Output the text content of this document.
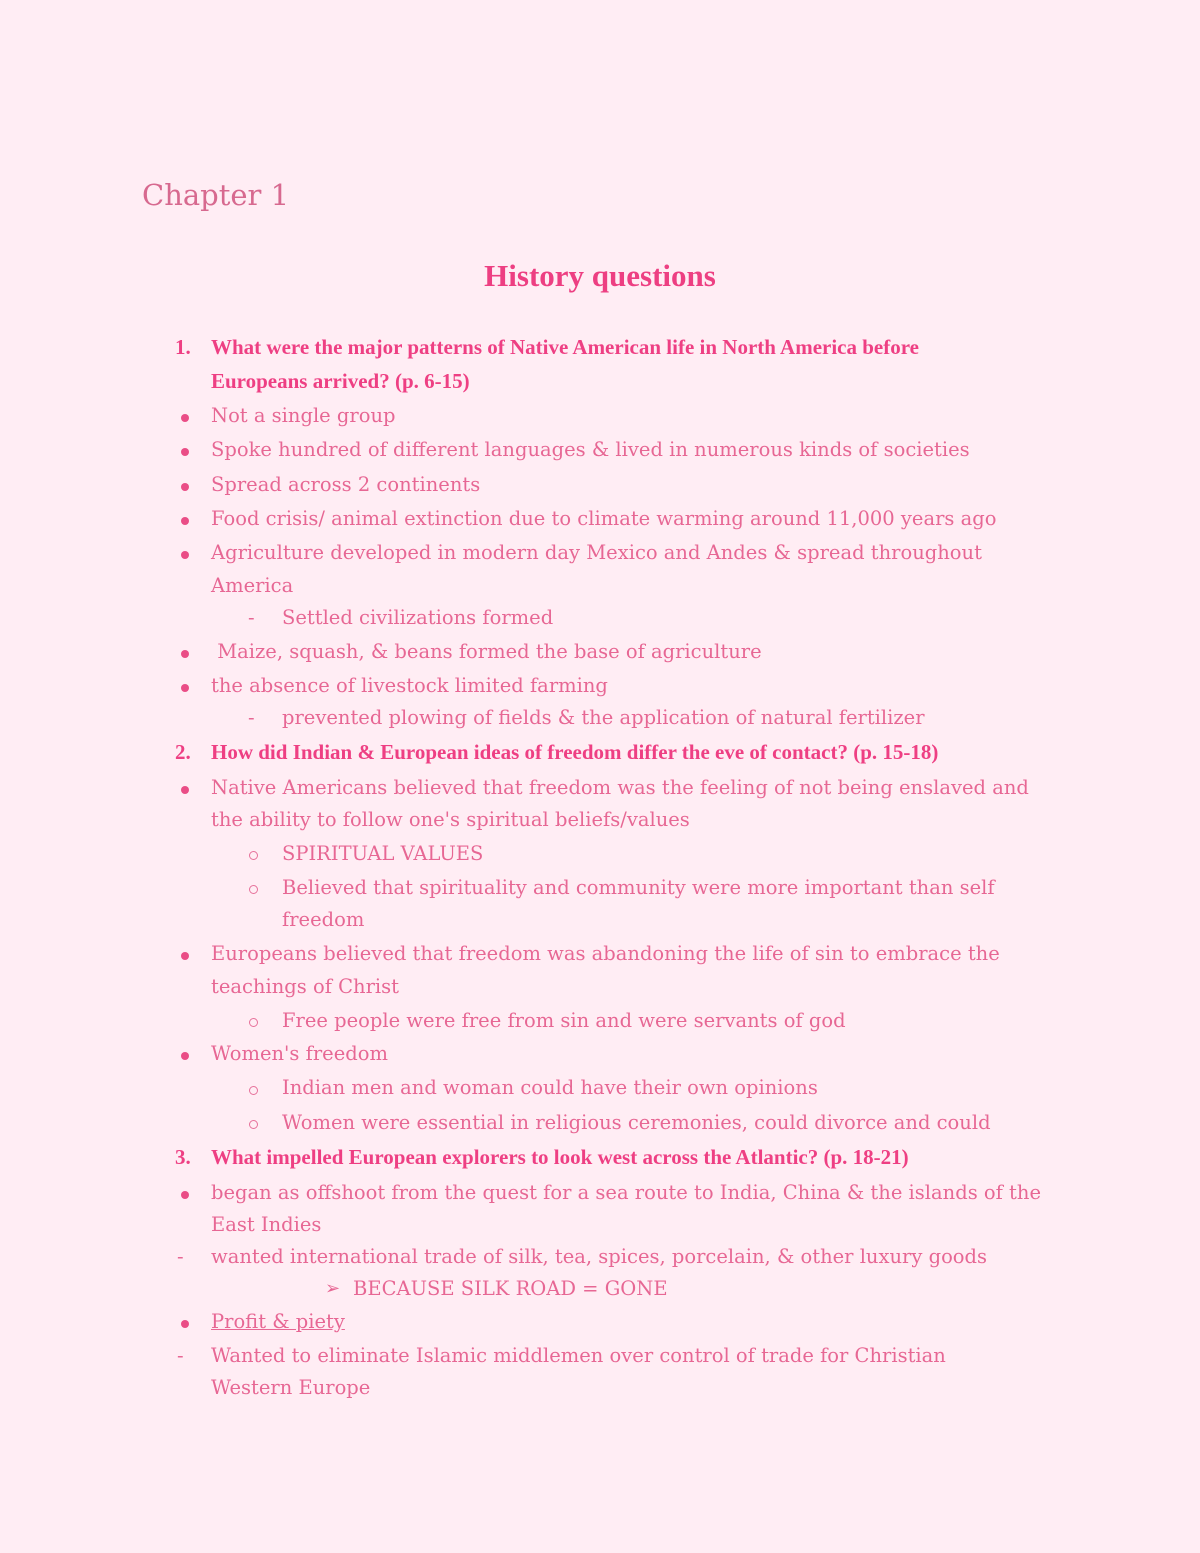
Chapter 1
History questions
1. What were the major patterns of Native American life in North America before
Europeans arrived? (p. 6-15)
Not a single group
Spoke hundred of different languages & lived in numerous kinds of societies
Spread across 2 continents
Food crisis/ animal extinction due to climate warming around 11,000 years ago
Agriculture developed in modern day Mexico and Andes & spread throughout
America
- Settled civilizations formed
Maize, squash, & beans formed the base of agriculture
the absence of livestock limited farming
- prevented plowing of fields & the application of natural fertilizer
2. How did Indian & European ideas of freedom differ the eve of contact? (p. 15-18)
Native Americans believed that freedom was the feeling of not being enslaved and
the ability to follow one's spiritual beliefs/values
SPIRITUAL VALUES
Believed that spirituality and community were more important than self
freedom
Europeans believed that freedom was abandoning the life of sin to embrace the
teachings of Christ
Free people were free from sin and were servants of god
Women's freedom
Indian men and woman could have their own opinions
Women were essential in religious ceremonies, could divorce and could
3. What impelled European explorers to look west across the Atlantic? (p. 18-21)
began as offshoot from the quest for a sea route to India, China & the islands of the
East Indies
- wanted international trade of silk, tea, spices, porcelain, & other luxury goods
➢ BECAUSE SILK ROAD = GONE
Profit & piety
- Wanted to eliminate Islamic middlemen over control of trade for Christian
Western Europe
